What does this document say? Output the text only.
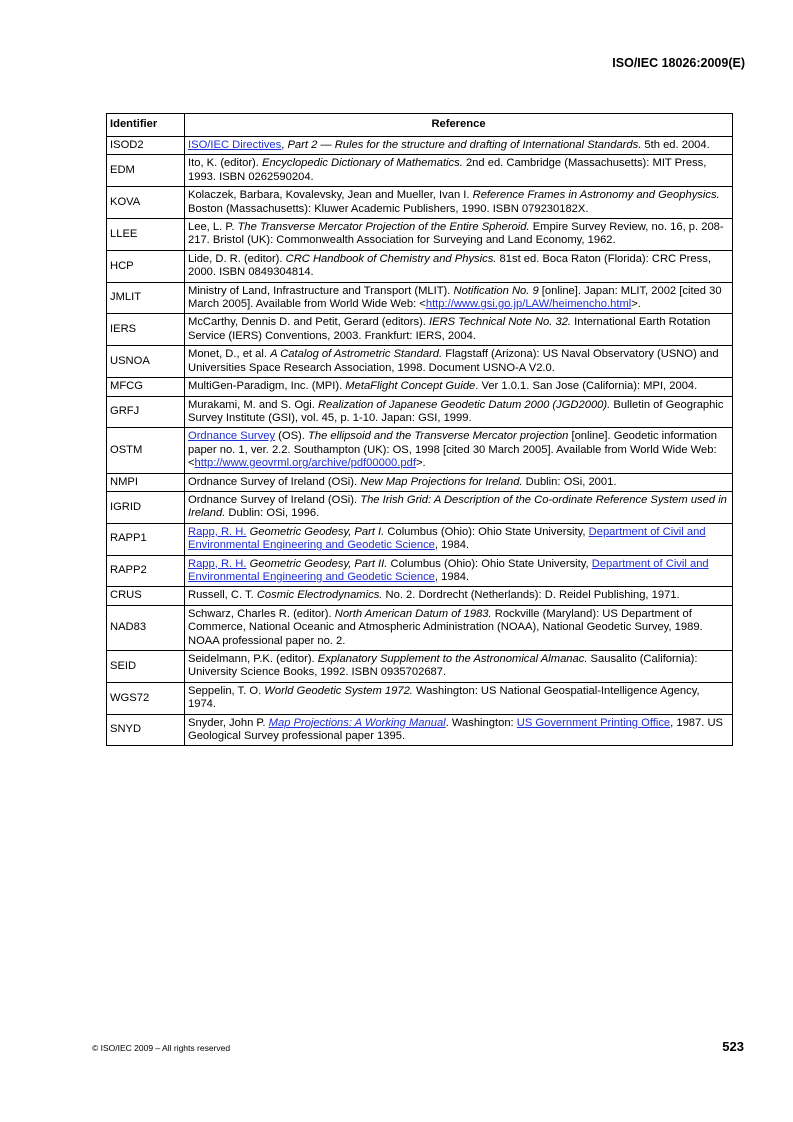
ISO/IEC 18026:2009(E)
Identifier	Reference
ISOD2	ISO/IEC Directives, Part 2 — Rules for the structure and drafting of International Standards. 5th ed. 2004.
EDM	Ito, K. (editor). Encyclopedic Dictionary of Mathematics. 2nd ed. Cambridge (Massachusetts): MIT Press, 1993. ISBN 0262590204.
KOVA	Kolaczek, Barbara, Kovalevsky, Jean and Mueller, Ivan I. Reference Frames in Astronomy and Geophysics. Boston (Massachusetts): Kluwer Academic Publishers, 1990. ISBN 079230182X.
LLEE	Lee, L. P. The Transverse Mercator Projection of the Entire Spheroid. Empire Survey Review, no. 16, p. 208-217. Bristol (UK): Commonwealth Association for Surveying and Land Economy, 1962.
HCP	Lide, D. R. (editor). CRC Handbook of Chemistry and Physics. 81st ed. Boca Raton (Florida): CRC Press, 2000. ISBN 0849304814.
JMLIT	Ministry of Land, Infrastructure and Transport (MLIT). Notification No. 9 [online]. Japan: MLIT, 2002 [cited 30 March 2005]. Available from World Wide Web: <http://www.gsi.go.jp/LAW/heimencho.html>.
IERS	McCarthy, Dennis D. and Petit, Gerard (editors). IERS Technical Note No. 32. International Earth Rotation Service (IERS) Conventions, 2003. Frankfurt: IERS, 2004.
USNOA	Monet, D., et al. A Catalog of Astrometric Standard. Flagstaff (Arizona): US Naval Observatory (USNO) and Universities Space Research Association, 1998. Document USNO-A V2.0.
MFCG	MultiGen-Paradigm, Inc. (MPI). MetaFlight Concept Guide. Ver 1.0.1. San Jose (California): MPI, 2004.
GRFJ	Murakami, M. and S. Ogi. Realization of Japanese Geodetic Datum 2000 (JGD2000). Bulletin of Geographic Survey Institute (GSI), vol. 45, p. 1-10. Japan: GSI, 1999.
OSTM	Ordnance Survey (OS). The ellipsoid and the Transverse Mercator projection [online]. Geodetic information paper no. 1, ver. 2.2. Southampton (UK): OS, 1998 [cited 30 March 2005]. Available from World Wide Web: <http://www.geovrml.org/archive/pdf00000.pdf>.
NMPI	Ordnance Survey of Ireland (OSi). New Map Projections for Ireland. Dublin: OSi, 2001.
IGRID	Ordnance Survey of Ireland (OSi). The Irish Grid: A Description of the Co-ordinate Reference System used in Ireland. Dublin: OSi, 1996.
RAPP1	Rapp, R. H. Geometric Geodesy, Part I. Columbus (Ohio): Ohio State University, Department of Civil and Environmental Engineering and Geodetic Science, 1984.
RAPP2	Rapp, R. H. Geometric Geodesy, Part II. Columbus (Ohio): Ohio State University, Department of Civil and Environmental Engineering and Geodetic Science, 1984.
CRUS	Russell, C. T. Cosmic Electrodynamics. No. 2. Dordrecht (Netherlands): D. Reidel Publishing, 1971.
NAD83	Schwarz, Charles R. (editor). North American Datum of 1983. Rockville (Maryland): US Department of Commerce, National Oceanic and Atmospheric Administration (NOAA), National Geodetic Survey, 1989. NOAA professional paper no. 2.
SEID	Seidelmann, P.K. (editor). Explanatory Supplement to the Astronomical Almanac. Sausalito (California): University Science Books, 1992. ISBN 0935702687.
WGS72	Seppelin, T. O. World Geodetic System 1972. Washington: US National Geospatial-Intelligence Agency, 1974.
SNYD	Snyder, John P. Map Projections: A Working Manual. Washington: US Government Printing Office, 1987. US Geological Survey professional paper 1395.
© ISO/IEC 2009 – All rights reserved	523
